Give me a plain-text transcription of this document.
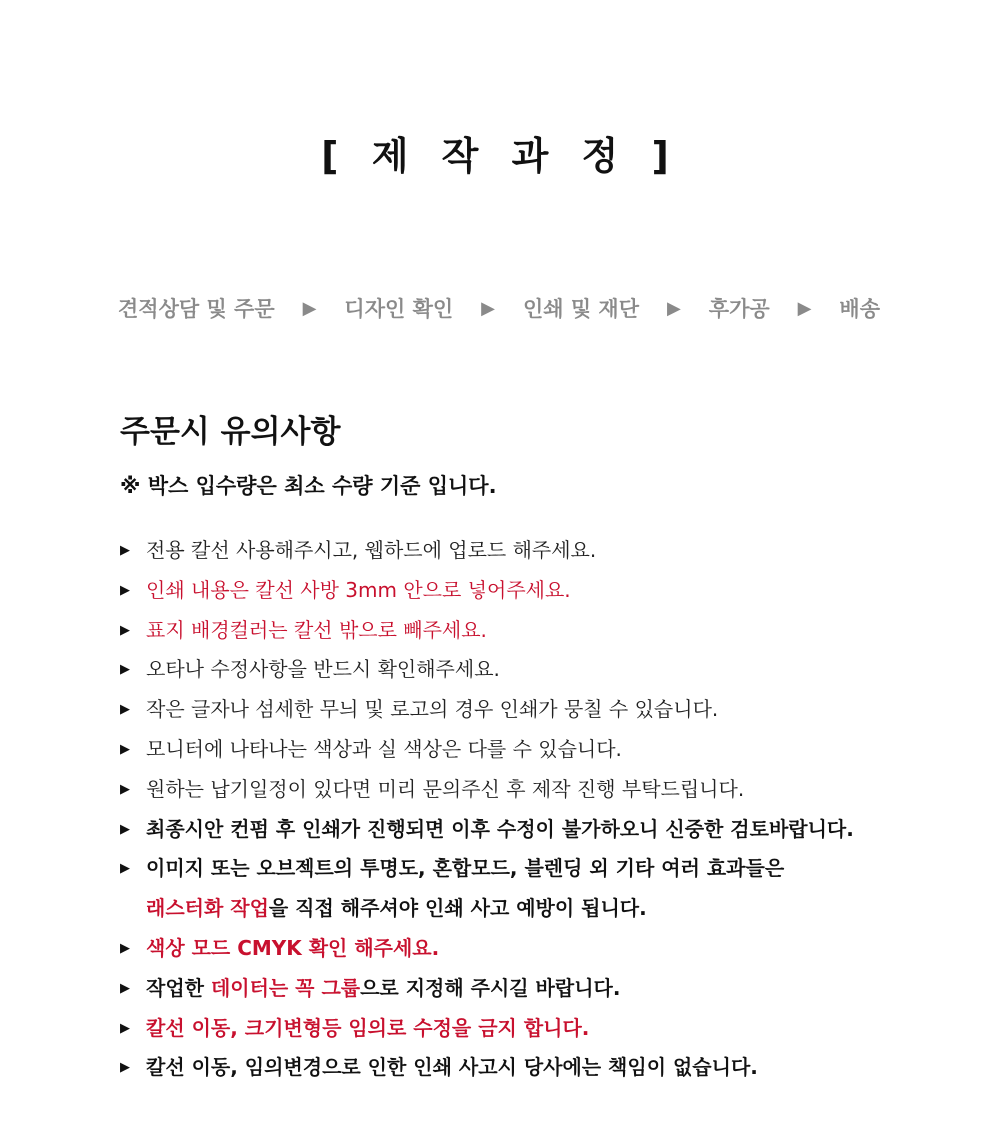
[ 제 작 과 정 ]
견적상담 및 주문 ▶ 디자인 확인 ▶ 인쇄 및 재단 ▶ 후가공 ▶ 배송
주문시 유의사항
※ 박스 입수량은 최소 수량 기준 입니다.
▶ 전용 칼선 사용해주시고, 웹하드에 업로드 해주세요.
▶ 인쇄 내용은 칼선 사방 3mm 안으로 넣어주세요.
▶ 표지 배경컬러는 칼선 밖으로 빼주세요.
▶ 오타나 수정사항을 반드시 확인해주세요.
▶ 작은 글자나 섬세한 무늬 및 로고의 경우 인쇄가 뭉칠 수 있습니다.
▶ 모니터에 나타나는 색상과 실 색상은 다를 수 있습니다.
▶ 원하는 납기일정이 있다면 미리 문의주신 후 제작 진행 부탁드립니다.
▶ 최종시안 컨펌 후 인쇄가 진행되면 이후 수정이 불가하오니 신중한 검토바랍니다.
▶ 이미지 또는 오브젝트의 투명도, 혼합모드, 블렌딩 외 기타 여러 효과들은
래스터화 작업을 직접 해주셔야 인쇄 사고 예방이 됩니다.
▶ 색상 모드 CMYK 확인 해주세요.
▶ 작업한 데이터는 꼭 그룹으로 지정해 주시길 바랍니다.
▶ 칼선 이동, 크기변형등 임의로 수정을 금지 합니다.
▶ 칼선 이동, 임의변경으로 인한 인쇄 사고시 당사에는 책임이 없습니다.
